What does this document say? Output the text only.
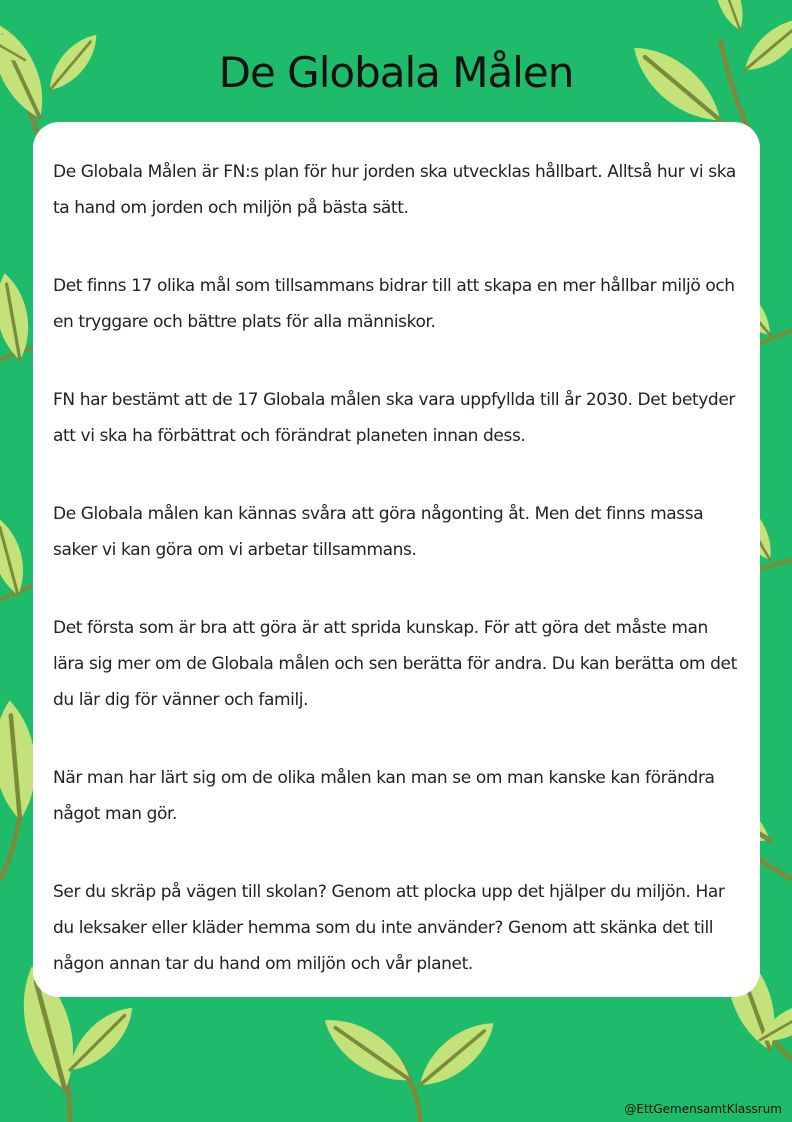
De Globala Målen

De Globala Målen är FN:s plan för hur jorden ska utvecklas hållbart. Alltså hur vi ska ta hand om jorden och miljön på bästa sätt.

Det finns 17 olika mål som tillsammans bidrar till att skapa en mer hållbar miljö och en tryggare och bättre plats för alla människor.

FN har bestämt att de 17 Globala målen ska vara uppfyllda till år 2030. Det betyder att vi ska ha förbättrat och förändrat planeten innan dess.

De Globala målen kan kännas svåra att göra någonting åt. Men det finns massa saker vi kan göra om vi arbetar tillsammans.

Det första som är bra att göra är att sprida kunskap. För att göra det måste man lära sig mer om de Globala målen och sen berätta för andra. Du kan berätta om det du lär dig för vänner och familj.

När man har lärt sig om de olika målen kan man se om man kanske kan förändra något man gör.

Ser du skräp på vägen till skolan? Genom att plocka upp det hjälper du miljön. Har du leksaker eller kläder hemma som du inte använder? Genom att skänka det till någon annan tar du hand om miljön och vår planet.

@EttGemensamtKlassrum
